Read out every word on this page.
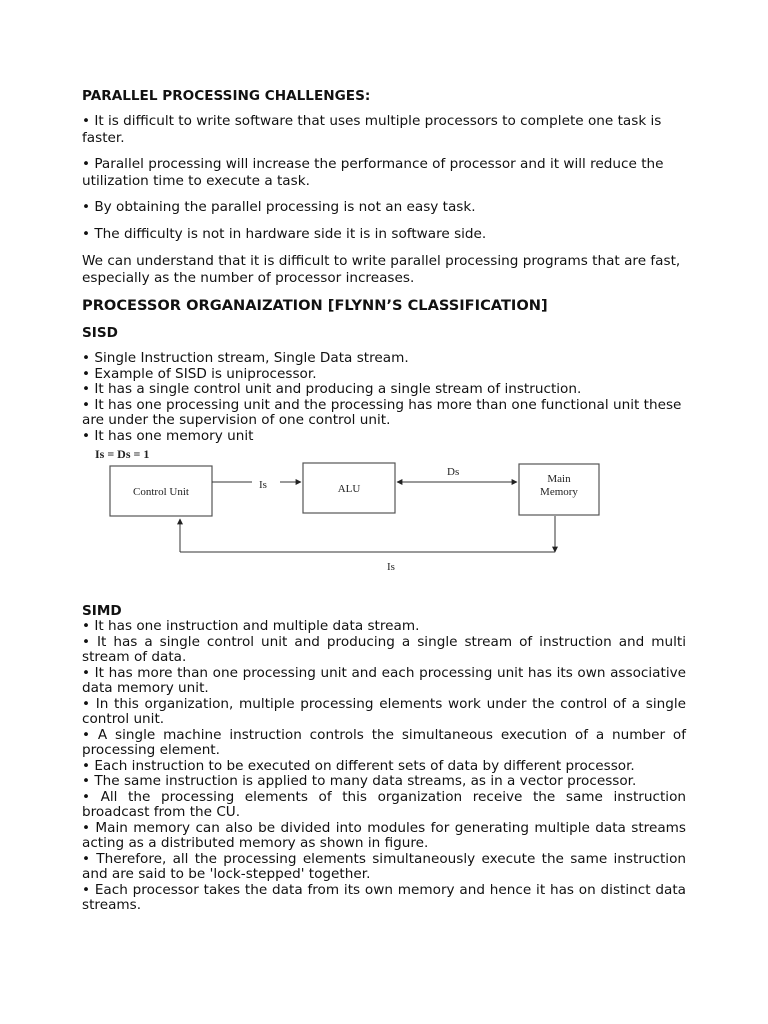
PARALLEL PROCESSING CHALLENGES:

• It is difficult to write software that uses multiple processors to complete one task is faster.

• Parallel processing will increase the performance of processor and it will reduce the utilization time to execute a task.

• By obtaining the parallel processing is not an easy task.

• The difficulty is not in hardware side it is in software side.

We can understand that it is difficult to write parallel processing programs that are fast, especially as the number of processor increases.

PROCESSOR ORGANAIZATION [FLYNN’S CLASSIFICATION]
SISD

• Single Instruction stream, Single Data stream.

• Example of SISD is uniprocessor.

• It has a single control unit and producing a single stream of instruction.

• It has one processing unit and the processing has more than one functional unit these are under the supervision of one control unit.

• It has one memory unit

SIMD

• It has one instruction and multiple data stream.

• It has a single control unit and producing a single stream of instruction and multi stream of data.

• It has more than one processing unit and each processing unit has its own associative data memory unit.

• In this organization, multiple processing elements work under the control of a single control unit.

• A single machine instruction controls the simultaneous execution of a number of processing element.

• Each instruction to be executed on different sets of data by different processor.

• The same instruction is applied to many data streams, as in a vector processor.

• All the processing elements of this organization receive the same instruction broadcast from the CU.

• Main memory can also be divided into modules for generating multiple data streams acting as a distributed memory as shown in figure.

• Therefore, all the processing elements simultaneously execute the same instruction and are said to be 'lock-stepped' together.

• Each processor takes the data from its own memory and hence it has on distinct data streams.

Is = Ds = 1
Control Unit
Is	ALU
Ds
Main
Memory
Is
